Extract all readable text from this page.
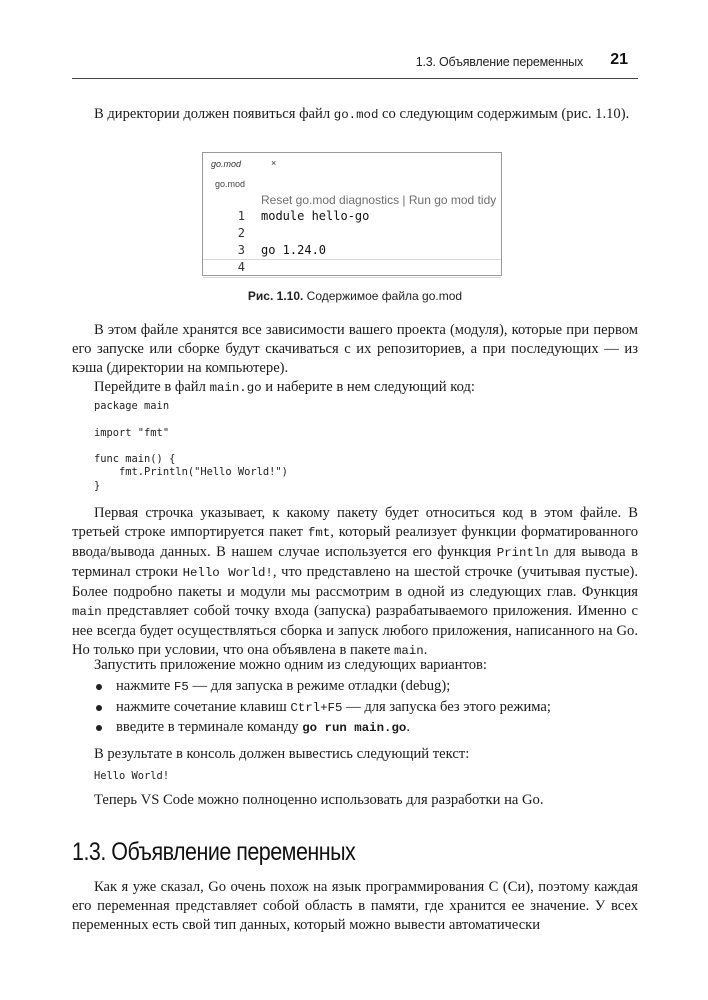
1.3. Объявление переменных 21

В директории должен появиться файл go.mod со следующим содержимым (рис. 1.10).

go.mod	×
go.mod
Reset go.mod diagnostics | Run go mod tidy
1 module hello-go
2
3 go 1.24.0
4
Рис. 1.10. Содержимое файла go.mod

В этом файле хранятся все зависимости вашего проекта (модуля), которые при первом его запуске или сборке будут скачиваться с их репозиториев, а при последующих — из кэша (директории на компьютере).

Перейдите в файл main.go и наберите в нем следующий код:

package main

import "fmt"

func main() {
fmt.Println("Hello World!")
}

Первая строчка указывает, к какому пакету будет относиться код в этом файле. В третьей строке импортируется пакет fmt, который реализует функции форматированного ввода/вывода данных. В нашем случае используется его функция Println для вывода в терминал строки Hello World!, что представлено на шестой строчке (учитывая пустые). Более подробно пакеты и модули мы рассмотрим в одной из следующих глав. Функция main представляет собой точку входа (запуска) разрабатываемого приложения. Именно с нее всегда будет осуществляться сборка и запуск любого приложения, написанного на Go. Но только при условии, что она объявлена в пакете main.

Запустить приложение можно одним из следующих вариантов:

нажмите F5 — для запуска в режиме отладки (debug);
нажмите сочетание клавиш Ctrl+F5 — для запуска без этого режима;
введите в терминале команду go run main.go.

В результате в консоль должен вывестись следующий текст:

Hello World!

Теперь VS Code можно полноценно использовать для разработки на Go.

1.3. Объявление переменных

Как я уже сказал, Go очень похож на язык программирования C (Си), поэтому каждая его переменная представляет собой область в памяти, где хранится ее значение. У всех переменных есть свой тип данных, который можно вывести автоматически
